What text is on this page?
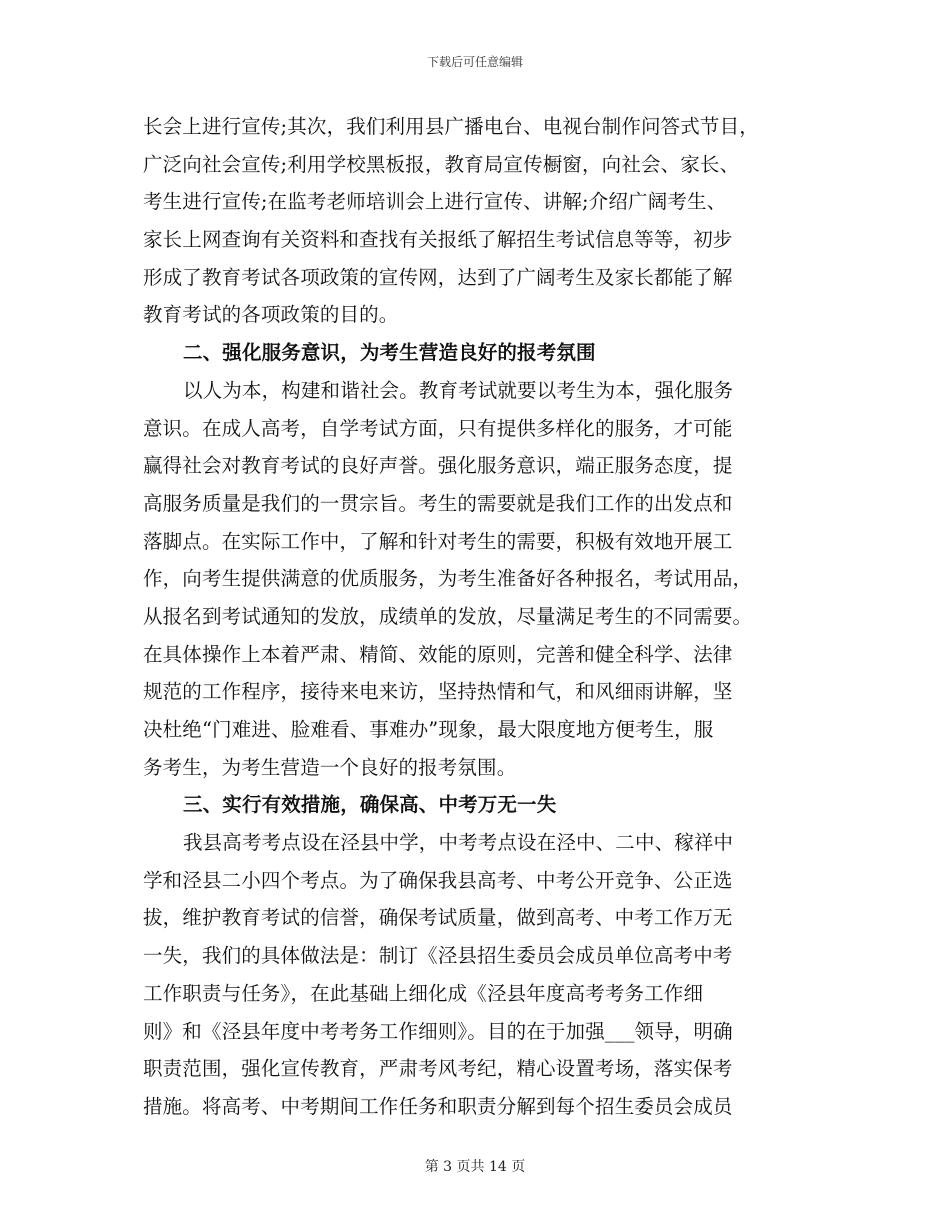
下载后可任意编辑
长会上进行宣传;其次，我们利用县广播电台、电视台制作问答式节目，
广泛向社会宣传;利用学校黑板报，教育局宣传橱窗，向社会、家长、
考生进行宣传;在监考老师培训会上进行宣传、讲解;介绍广阔考生、
家长上网查询有关资料和查找有关报纸了解招生考试信息等等，初步
形成了教育考试各项政策的宣传网，达到了广阔考生及家长都能了解
教育考试的各项政策的目的。
二、强化服务意识，为考生营造良好的报考氛围
以人为本，构建和谐社会。教育考试就要以考生为本，强化服务
意识。在成人高考，自学考试方面，只有提供多样化的服务，才可能
赢得社会对教育考试的良好声誉。强化服务意识，端正服务态度，提
高服务质量是我们的一贯宗旨。考生的需要就是我们工作的出发点和
落脚点。在实际工作中，了解和针对考生的需要，积极有效地开展工
作，向考生提供满意的优质服务，为考生准备好各种报名，考试用品，
从报名到考试通知的发放，成绩单的发放，尽量满足考生的不同需要。
在具体操作上本着严肃、精简、效能的原则，完善和健全科学、法律
规范的工作程序，接待来电来访，坚持热情和气，和风细雨讲解，坚
决杜绝“门难进、脸难看、事难办”现象，最大限度地方便考生，服
务考生，为考生营造一个良好的报考氛围。
三、实行有效措施，确保高、中考万无一失
我县高考考点设在泾县中学，中考考点设在泾中、二中、稼祥中
学和泾县二小四个考点。为了确保我县高考、中考公开竞争、公正选
拔，维护教育考试的信誉，确保考试质量，做到高考、中考工作万无
一失，我们的具体做法是：制订《泾县招生委员会成员单位高考中考
工作职责与任务》，在此基础上细化成《泾县年度高考考务工作细
则》和《泾县年度中考考务工作细则》。目的在于加强___领导，明确
职责范围，强化宣传教育，严肃考风考纪，精心设置考场，落实保考
措施。将高考、中考期间工作任务和职责分解到每个招生委员会成员
第 3 页共 14 页
